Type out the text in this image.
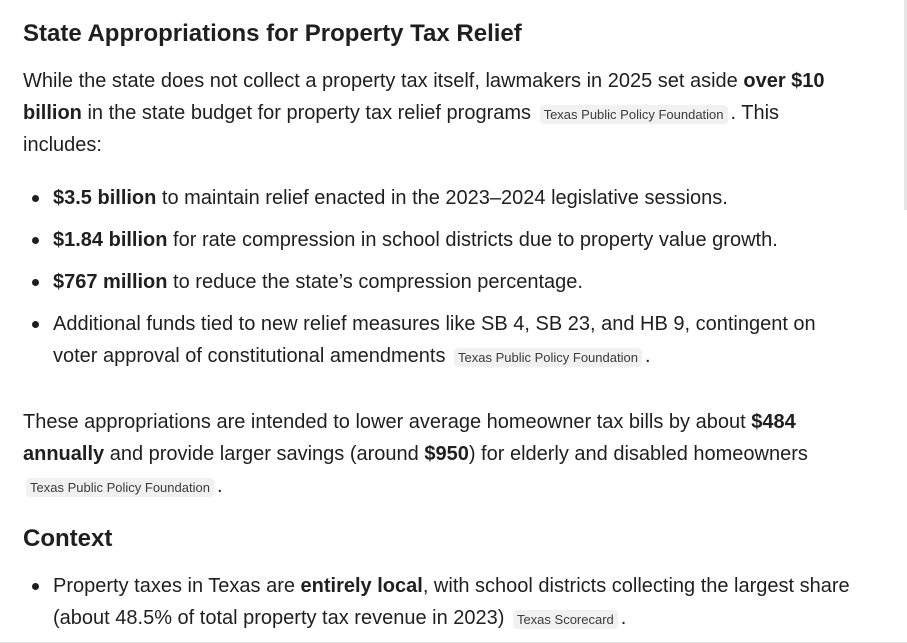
State Appropriations for Property Tax Relief

While the state does not collect a property tax itself, lawmakers in 2025 set aside over $10 billion in the state budget for property tax relief programs Texas Public Policy Foundation . This includes:

$3.5 billion to maintain relief enacted in the 2023–2024 legislative sessions.
$1.84 billion for rate compression in school districts due to property value growth.
$767 million to reduce the state’s compression percentage.
Additional funds tied to new relief measures like SB 4, SB 23, and HB 9, contingent on voter approval of constitutional amendments Texas Public Policy Foundation .

These appropriations are intended to lower average homeowner tax bills by about $484 annually and provide larger savings (around $950) for elderly and disabled homeowners Texas Public Policy Foundation .

Context
Property taxes in Texas are entirely local, with school districts collecting the largest share (about 48.5% of total property tax revenue in 2023) Texas Scorecard .
